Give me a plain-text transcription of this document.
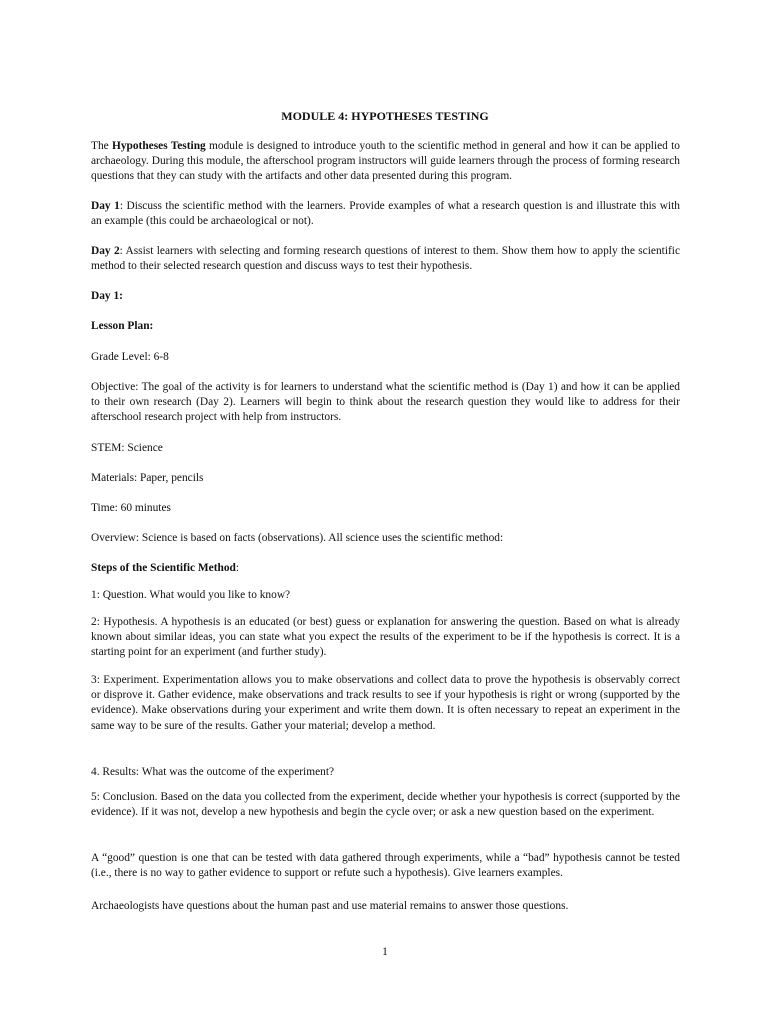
MODULE 4: HYPOTHESES TESTING
The Hypotheses Testing module is designed to introduce youth to the scientific method in general and how it can be applied to archaeology. During this module, the afterschool program instructors will guide learners through the process of forming research questions that they can study with the artifacts and other data presented during this program.
Day 1: Discuss the scientific method with the learners. Provide examples of what a research question is and illustrate this with an example (this could be archaeological or not).
Day 2: Assist learners with selecting and forming research questions of interest to them. Show them how to apply the scientific method to their selected research question and discuss ways to test their hypothesis.
Day 1:
Lesson Plan:
Grade Level: 6-8
Objective: The goal of the activity is for learners to understand what the scientific method is (Day 1) and how it can be applied to their own research (Day 2). Learners will begin to think about the research question they would like to address for their afterschool research project with help from instructors.
STEM: Science
Materials: Paper, pencils
Time: 60 minutes
Overview: Science is based on facts (observations). All science uses the scientific method:
Steps of the Scientific Method:
1: Question. What would you like to know?
2: Hypothesis. A hypothesis is an educated (or best) guess or explanation for answering the question. Based on what is already known about similar ideas, you can state what you expect the results of the experiment to be if the hypothesis is correct. It is a starting point for an experiment (and further study).
3: Experiment. Experimentation allows you to make observations and collect data to prove the hypothesis is observably correct or disprove it. Gather evidence, make observations and track results to see if your hypothesis is right or wrong (supported by the evidence). Make observations during your experiment and write them down. It is often necessary to repeat an experiment in the same way to be sure of the results. Gather your material; develop a method.
4. Results: What was the outcome of the experiment?
5: Conclusion. Based on the data you collected from the experiment, decide whether your hypothesis is correct (supported by the evidence). If it was not, develop a new hypothesis and begin the cycle over; or ask a new question based on the experiment.
A “good” question is one that can be tested with data gathered through experiments, while a “bad” hypothesis cannot be tested (i.e., there is no way to gather evidence to support or refute such a hypothesis). Give learners examples.
Archaeologists have questions about the human past and use material remains to answer those questions.
1
